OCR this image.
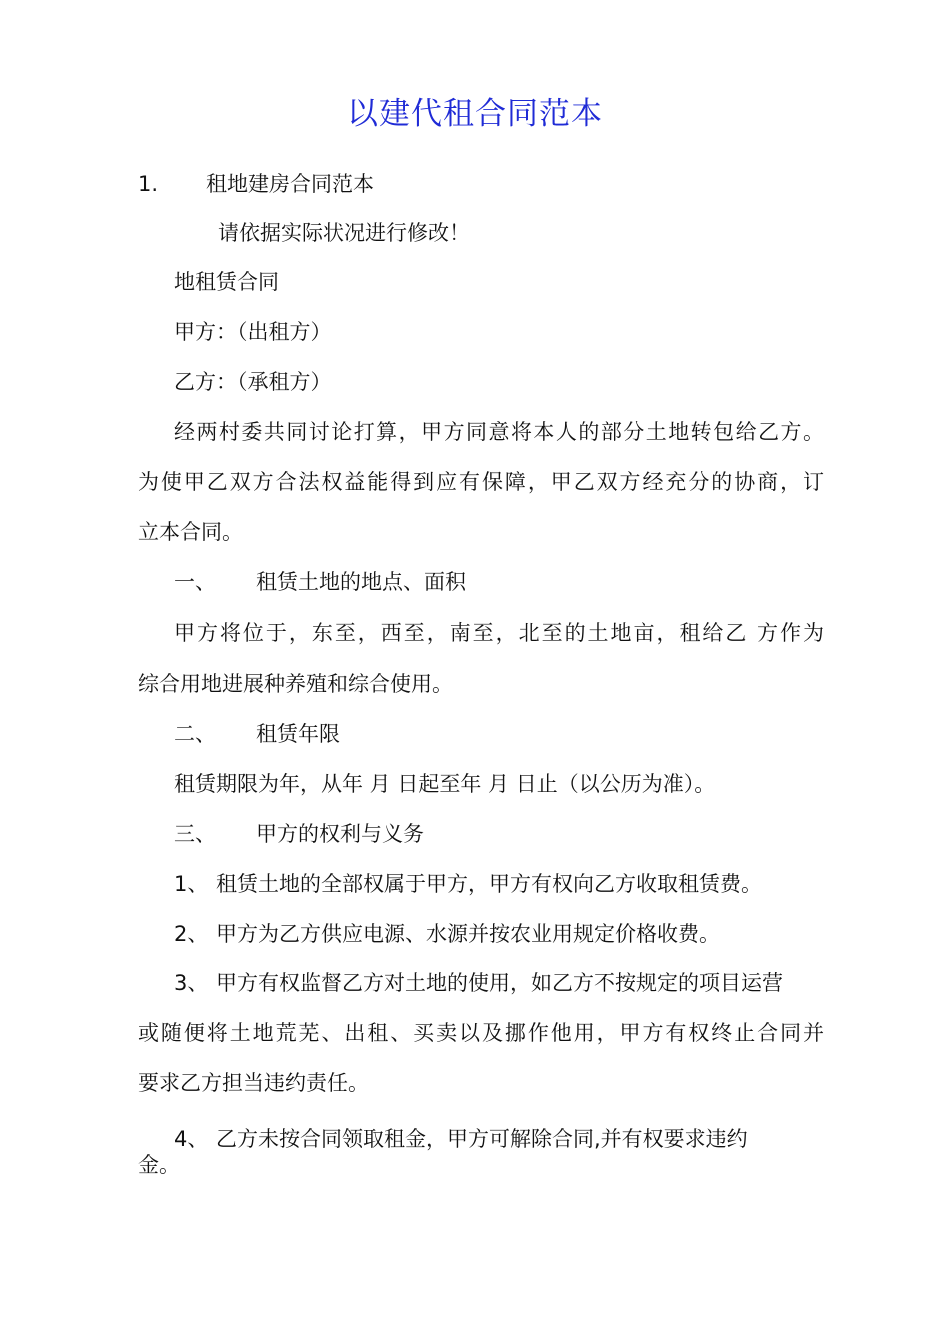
以建代租合同范本
1. 租地建房合同范本
请依据实际状况进行修改！
地租赁合同
甲方：（出租方）
乙方：（承租方）
经两村委共同讨论打算，甲方同意将本人的部分土地转包给乙方。
为使甲乙双方合法权益能得到应有保障，甲乙双方经充分的协商，订
立本合同。
一、 租赁土地的地点、面积
甲方将位于，东至，西至，南至，北至的土地亩，租给乙 方作为
综合用地进展种养殖和综合使用。
二、 租赁年限
租赁期限为年，从年 月 日起至年 月 日止（以公历为准）。
三、 甲方的权利与义务
1、 租赁土地的全部权属于甲方，甲方有权向乙方收取租赁费。
2、 甲方为乙方供应电源、水源并按农业用规定价格收费。
3、 甲方有权监督乙方对土地的使用，如乙方不按规定的项目运营
或随便将土地荒芜、出租、买卖以及挪作他用，甲方有权终止合同并
要求乙方担当违约责任。
4、 乙方未按合同领取租金，甲方可解除合同,并有权要求违约
金。
